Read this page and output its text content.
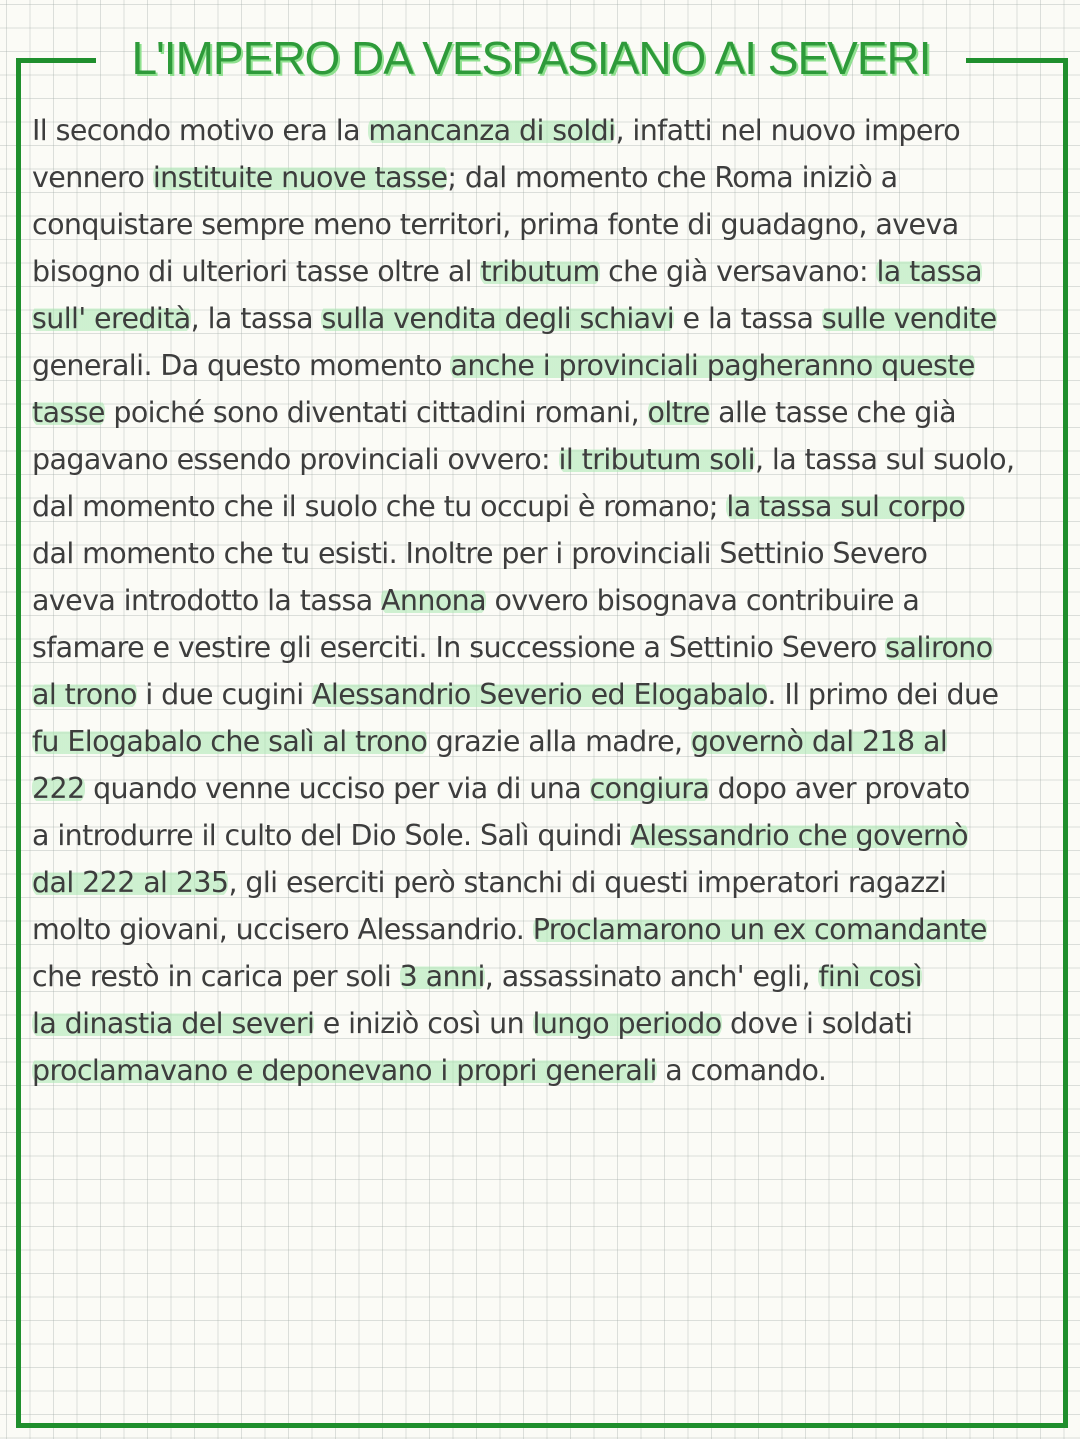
L'IMPERO DA VESPASIANO AI SEVERI
Il secondo motivo era la mancanza di soldi, infatti nel nuovo impero
vennero instituite nuove tasse; dal momento che Roma iniziò a
conquistare sempre meno territori, prima fonte di guadagno, aveva
bisogno di ulteriori tasse oltre al tributum che già versavano: la tassa
sull' eredità, la tassa sulla vendita degli schiavi e la tassa sulle vendite
generali. Da questo momento anche i provinciali pagheranno queste
tasse poiché sono diventati cittadini romani, oltre alle tasse che già
pagavano essendo provinciali ovvero: il tributum soli, la tassa sul suolo,
dal momento che il suolo che tu occupi è romano; la tassa sul corpo
dal momento che tu esisti. Inoltre per i provinciali Settinio Severo
aveva introdotto la tassa Annona ovvero bisognava contribuire a
sfamare e vestire gli eserciti. In successione a Settinio Severo salirono
al trono i due cugini Alessandrio Severio ed Elogabalo. Il primo dei due
fu Elogabalo che salì al trono grazie alla madre, governò dal 218 al
222 quando venne ucciso per via di una congiura dopo aver provato
a introdurre il culto del Dio Sole. Salì quindi Alessandrio che governò
dal 222 al 235, gli eserciti però stanchi di questi imperatori ragazzi
molto giovani, uccisero Alessandrio. Proclamarono un ex comandante
che restò in carica per soli 3 anni, assassinato anch' egli, finì così
la dinastia del severi e iniziò così un lungo periodo dove i soldati
proclamavano e deponevano i propri generali a comando.
